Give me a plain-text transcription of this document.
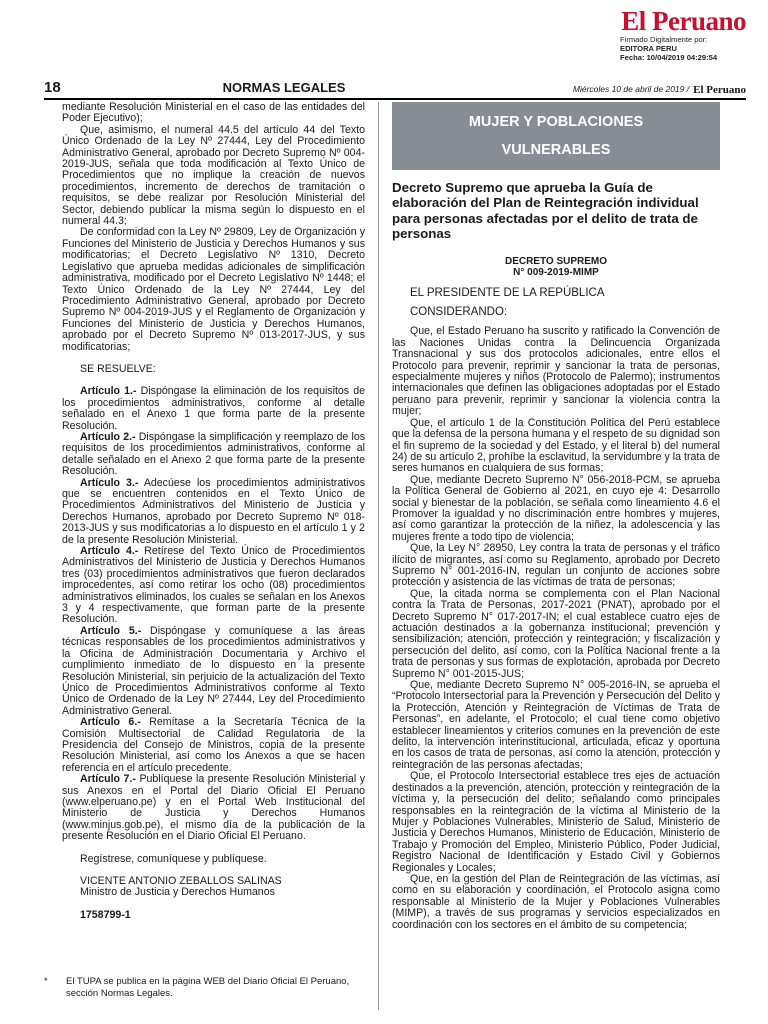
El Peruano
Firmado Digitalmente por:
EDITORA PERU
Fecha: 10/04/2019 04:29:54
18	NORMAS LEGALES	Miércoles 10 de abril de 2019 / El Peruano

mediante Resolución Ministerial en el caso de las entidades del Poder Ejecutivo);

Que, asimismo, el numeral 44.5 del artículo 44 del Texto Único Ordenado de la Ley Nº 27444, Ley del Procedimiento Administrativo General, aprobado por Decreto Supremo Nº 004-2019-JUS, señala que toda modificación al Texto Único de Procedimientos que no implique la creación de nuevos procedimientos, incremento de derechos de tramitación o requisitos, se debe realizar por Resolución Ministerial del Sector, debiendo publicar la misma según lo dispuesto en el numeral 44.3;

De conformidad con la Ley Nº 29809, Ley de Organización y Funciones del Ministerio de Justicia y Derechos Humanos y sus modificatorias; el Decreto Legislativo Nº 1310, Decreto Legislativo que aprueba medidas adicionales de simplificación administrativa, modificado por el Decreto Legislativo Nº 1448; el Texto Único Ordenado de la Ley Nº 27444, Ley del Procedimiento Administrativo General, aprobado por Decreto Supremo Nº 004-2019-JUS y el Reglamento de Organización y Funciones del Ministerio de Justicia y Derechos Humanos, aprobado por el Decreto Supremo Nº 013-2017-JUS, y sus modificatorias;

SE RESUELVE:

Artículo 1.- Dispóngase la eliminación de los requisitos de los procedimientos administrativos, conforme al detalle señalado en el Anexo 1 que forma parte de la presente Resolución.

Artículo 2.- Dispóngase la simplificación y reemplazo de los requisitos de los procedimientos administrativos, conforme al detalle señalado en el Anexo 2 que forma parte de la presente Resolución.

Artículo 3.- Adecúese los procedimientos administrativos que se encuentren contenidos en el Texto Único de Procedimientos Administrativos del Ministerio de Justicia y Derechos Humanos, aprobado por Decreto Supremo Nº 018-2013-JUS y sus modificatorias a lo dispuesto en el artículo 1 y 2 de la presente Resolución Ministerial.

Artículo 4.- Retírese del Texto Único de Procedimientos Administrativos del Ministerio de Justicia y Derechos Humanos tres (03) procedimientos administrativos que fueron declarados improcedentes, así como retirar los ocho (08) procedimientos administrativos eliminados, los cuales se señalan en los Anexos 3 y 4 respectivamente, que forman parte de la presente Resolución.

Artículo 5.- Dispóngase y comuníquese a las áreas técnicas responsables de los procedimientos administrativos y la Oficina de Administración Documentaria y Archivo el cumplimiento inmediato de lo dispuesto en la presente Resolución Ministerial, sin perjuicio de la actualización del Texto Único de Procedimientos Administrativos conforme al Texto Único de Ordenado de la Ley Nº 27444, Ley del Procedimiento Administrativo General.

Artículo 6.- Remítase a la Secretaría Técnica de la Comisión Multisectorial de Calidad Regulatoria de la Presidencia del Consejo de Ministros, copia de la presente Resolución Ministerial, así como los Anexos a que se hacen referencia en el artículo precedente.

Artículo 7.- Publíquese la presente Resolución Ministerial y sus Anexos en el Portal del Diario Oficial El Peruano (www.elperuano.pe) y en el Portal Web Institucional del Ministerio de Justicia y Derechos Humanos (www.minjus.gob.pe), el mismo día de la publicación de la presente Resolución en el Diario Oficial El Peruano.

Regístrese, comuníquese y publíquese.

VICENTE ANTONIO ZEBALLOS SALINAS

Ministro de Justicia y Derechos Humanos

1758799-1

* El TUPA se publica en la página WEB del Diario Oficial El Peruano, sección Normas Legales.
MUJER Y POBLACIONES
VULNERABLES

Decreto Supremo que aprueba la Guía de elaboración del Plan de Reintegración individual para personas afectadas por el delito de trata de personas

DECRETO SUPREMO
N° 009-2019-MIMP

EL PRESIDENTE DE LA REPÚBLICA

CONSIDERANDO:

Que, el Estado Peruano ha suscrito y ratificado la Convención de las Naciones Unidas contra la Delincuencia Organizada Transnacional y sus dos protocolos adicionales, entre ellos el Protocolo para prevenir, reprimir y sancionar la trata de personas, especialmente mujeres y niños (Protocolo de Palermo); instrumentos internacionales que definen las obligaciones adoptadas por el Estado peruano para prevenir, reprimir y sancionar la violencia contra la mujer;

Que, el artículo 1 de la Constitución Política del Perú establece que la defensa de la persona humana y el respeto de su dignidad son el fin supremo de la sociedad y del Estado, y el literal b) del numeral 24) de su artículo 2, prohíbe la esclavitud, la servidumbre y la trata de seres humanos en cualquiera de sus formas;

Que, mediante Decreto Supremo N° 056-2018-PCM, se aprueba la Política General de Gobierno al 2021, en cuyo eje 4: Desarrollo social y bienestar de la población, se señala como lineamiento 4.6 el Promover la igualdad y no discriminación entre hombres y mujeres, así como garantizar la protección de la niñez, la adolescencia y las mujeres frente a todo tipo de violencia;

Que, la Ley N° 28950, Ley contra la trata de personas y el tráfico ilícito de migrantes, así como su Reglamento, aprobado por Decreto Supremo N° 001-2016-IN, regulan un conjunto de acciones sobre protección y asistencia de las víctimas de trata de personas;

Que, la citada norma se complementa con el Plan Nacional contra la Trata de Personas, 2017-2021 (PNAT), aprobado por el Decreto Supremo N° 017-2017-IN; el cual establece cuatro ejes de actuación destinados a la gobernanza institucional; prevención y sensibilización; atención, protección y reintegración; y fiscalización y persecución del delito, así como, con la Política Nacional frente a la trata de personas y sus formas de explotación, aprobada por Decreto Supremo N° 001-2015-JUS;

Que, mediante Decreto Supremo N° 005-2016-IN, se aprueba el “Protocolo Intersectorial para la Prevención y Persecución del Delito y la Protección, Atención y Reintegración de Víctimas de Trata de Personas”, en adelante, el Protocolo; el cual tiene como objetivo establecer lineamientos y criterios comunes en la prevención de este delito, la intervención interinstitucional, articulada, eficaz y oportuna en los casos de trata de personas, así como la atención, protección y reintegración de las personas afectadas;

Que, el Protocolo Intersectorial establece tres ejes de actuación destinados a la prevención, atención, protección y reintegración de la víctima y, la persecución del delito; señalando como principales responsables en la reintegración de la víctima al Ministerio de la Mujer y Poblaciones Vulnerables, Ministerio de Salud, Ministerio de Justicia y Derechos Humanos, Ministerio de Educación, Ministerio de Trabajo y Promoción del Empleo, Ministerio Público, Poder Judicial, Registro Nacional de Identificación y Estado Civil y Gobiernos Regionales y Locales;

Que, en la gestión del Plan de Reintegración de las víctimas, así como en su elaboración y coordinación, el Protocolo asigna como responsable al Ministerio de la Mujer y Poblaciones Vulnerables (MIMP), a través de sus programas y servicios especializados en coordinación con los sectores en el ámbito de su competencia;
